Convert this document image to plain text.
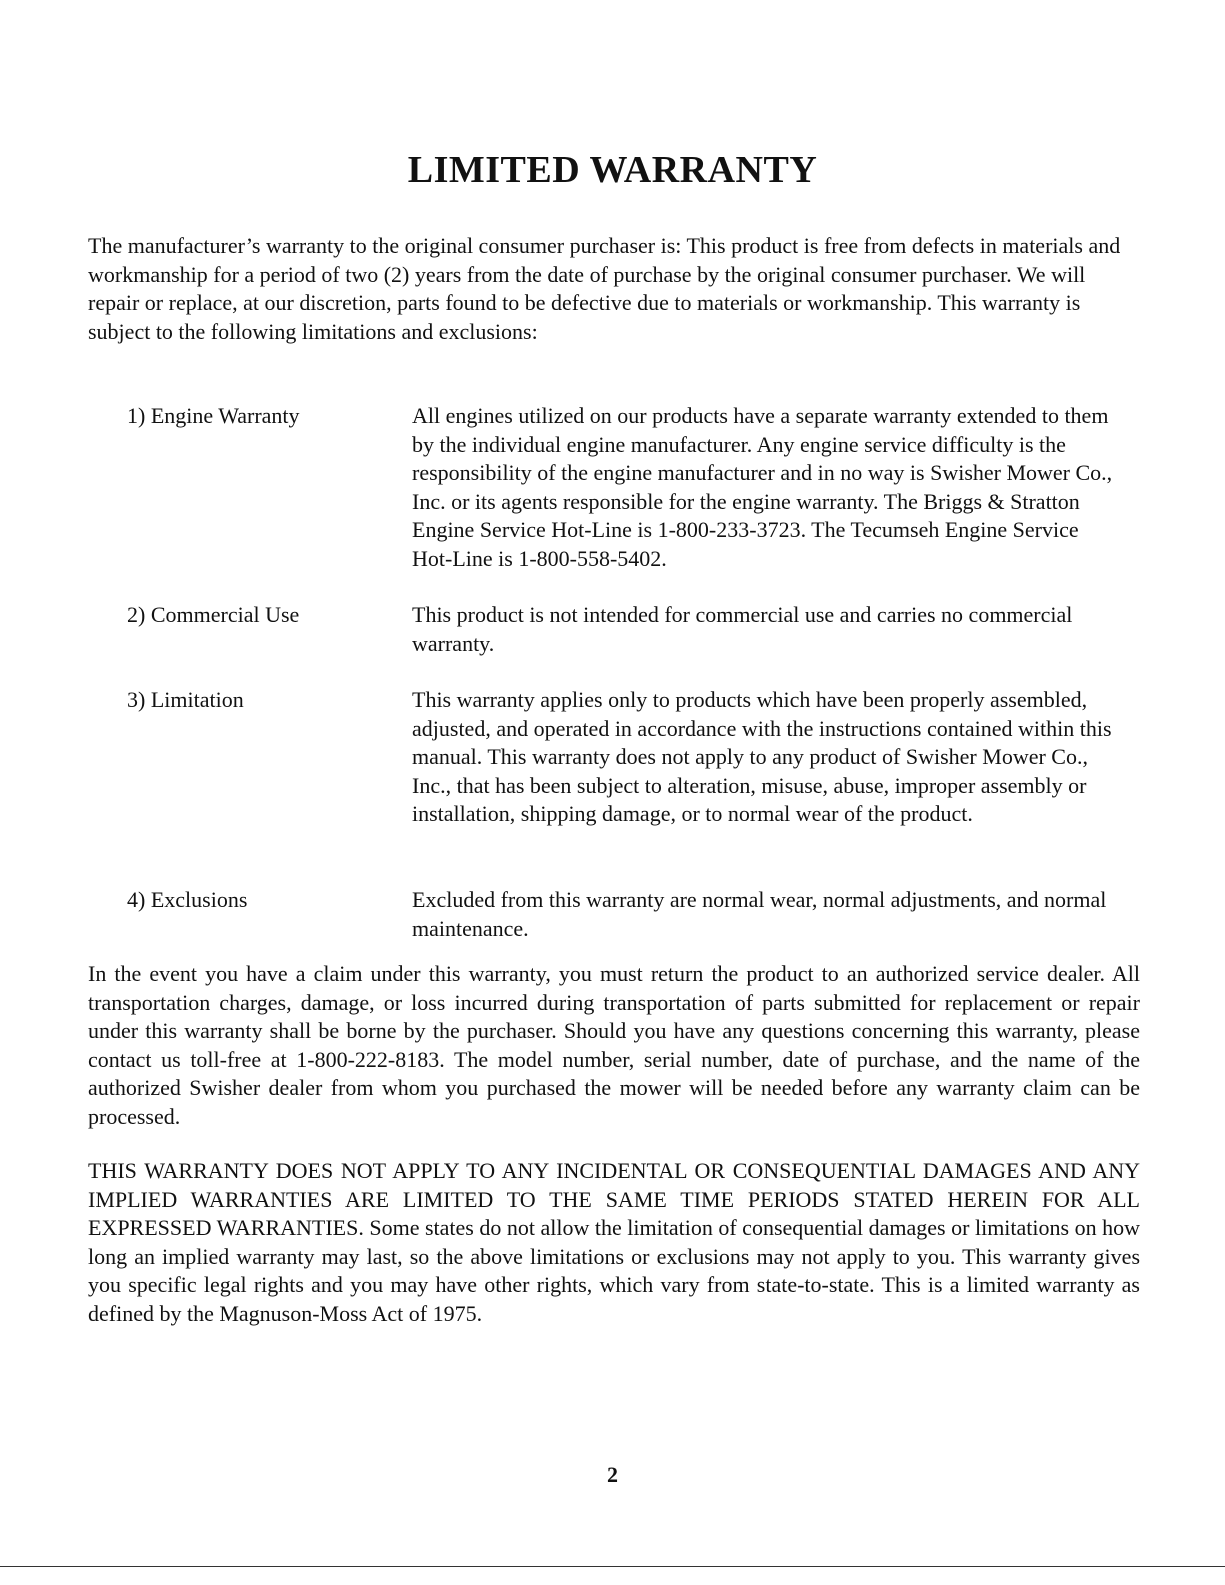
LIMITED WARRANTY

The manufacturer’s warranty to the original consumer purchaser is: This product is free from defects in materials and workmanship for a period of two (2) years from the date of purchase by the original consumer purchaser. We will repair or replace, at our discretion, parts found to be defective due to materials or workmanship. This warranty is subject to the following limitations and exclusions:

1) Engine Warranty	All engines utilized on our products have a separate warranty extended to them by the individual engine manufacturer. Any engine service difficulty is the responsibility of the engine manufacturer and in no way is Swisher Mower Co., Inc. or its agents responsible for the engine warranty. The Briggs & Stratton Engine Service Hot-Line is 1-800-233-3723. The Tecumseh Engine Service Hot-Line is 1-800-558-5402.

2) Commercial Use	This product is not intended for commercial use and carries no commercial warranty.

3) Limitation	This warranty applies only to products which have been properly assembled, adjusted, and operated in accordance with the instructions contained within this manual. This warranty does not apply to any product of Swisher Mower Co., Inc., that has been subject to alteration, misuse, abuse, improper assembly or installation, shipping damage, or to normal wear of the product.

4) Exclusions	Excluded from this warranty are normal wear, normal adjustments, and normal maintenance.

In the event you have a claim under this warranty, you must return the product to an authorized service dealer. All transportation charges, damage, or loss incurred during transportation of parts submitted for replacement or repair under this warranty shall be borne by the purchaser. Should you have any questions concerning this warranty, please contact us toll-free at 1-800-222-8183. The model number, serial number, date of purchase, and the name of the authorized Swisher dealer from whom you purchased the mower will be needed before any warranty claim can be processed.

THIS WARRANTY DOES NOT APPLY TO ANY INCIDENTAL OR CONSEQUENTIAL DAMAGES AND ANY IMPLIED WARRANTIES ARE LIMITED TO THE SAME TIME PERIODS STATED HEREIN FOR ALL EXPRESSED WARRANTIES. Some states do not allow the limitation of consequential damages or limitations on how long an implied warranty may last, so the above limitations or exclusions may not apply to you. This warranty gives you specific legal rights and you may have other rights, which vary from state-to-state. This is a limited warranty as defined by the Magnuson-Moss Act of 1975.

2
